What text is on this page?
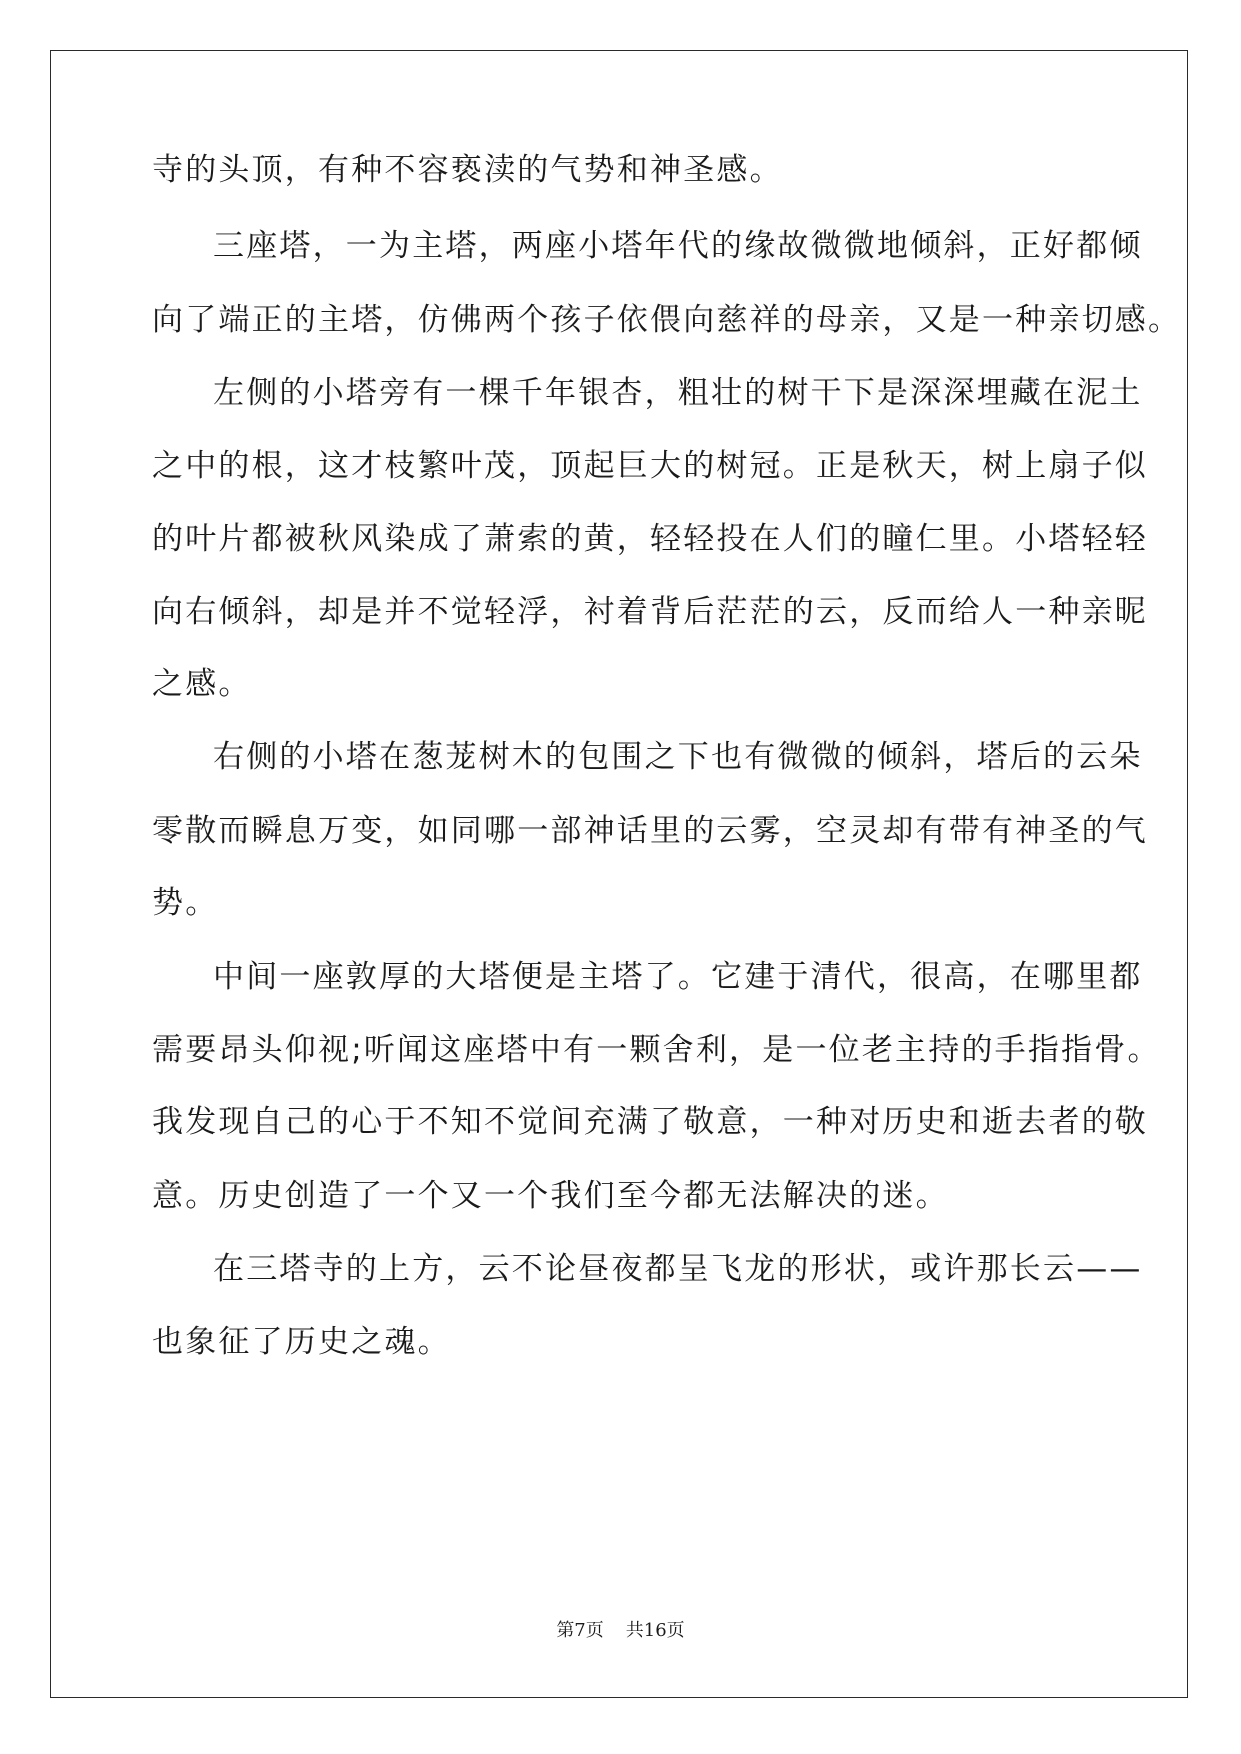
寺的头顶，有种不容亵渎的气势和神圣感。
三座塔，一为主塔，两座小塔年代的缘故微微地倾斜，正好都倾
向了端正的主塔，仿佛两个孩子依偎向慈祥的母亲，又是一种亲切感。
左侧的小塔旁有一棵千年银杏，粗壮的树干下是深深埋藏在泥土
之中的根，这才枝繁叶茂，顶起巨大的树冠。正是秋天，树上扇子似
的叶片都被秋风染成了萧索的黄，轻轻投在人们的瞳仁里。小塔轻轻
向右倾斜，却是并不觉轻浮，衬着背后茫茫的云，反而给人一种亲昵
之感。
右侧的小塔在葱茏树木的包围之下也有微微的倾斜，塔后的云朵
零散而瞬息万变，如同哪一部神话里的云雾，空灵却有带有神圣的气
势。
中间一座敦厚的大塔便是主塔了。它建于清代，很高，在哪里都
需要昂头仰视;听闻这座塔中有一颗舍利，是一位老主持的手指指骨。
我发现自己的心于不知不觉间充满了敬意，一种对历史和逝去者的敬
意。历史创造了一个又一个我们至今都无法解决的迷。
在三塔寺的上方，云不论昼夜都呈飞龙的形状，或许那长云——
也象征了历史之魂。
第7页 共16页
